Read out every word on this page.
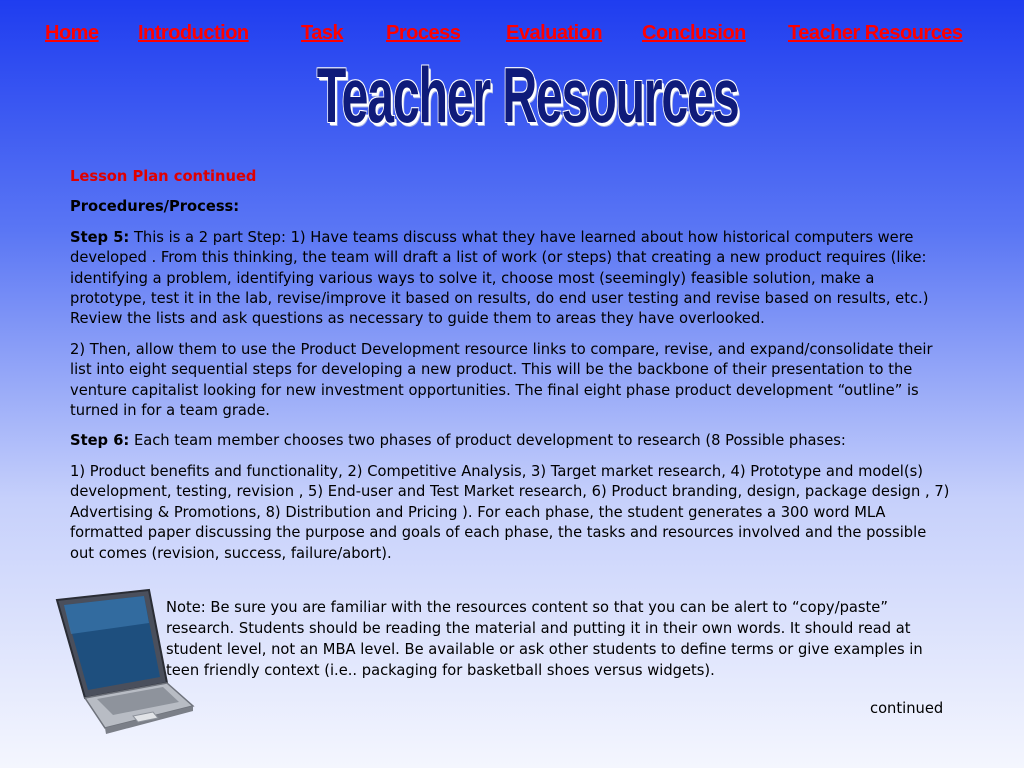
Home Introduction	Task Process Evaluation Conclusion Teacher Resources
Teacher Resources

Lesson Plan continued

Procedures/Process:

Step 5: This is a 2 part Step: 1) Have teams discuss what they have learned about how historical computers were developed . From this thinking, the team will draft a list of work (or steps) that creating a new product requires (like: identifying a problem, identifying various ways to solve it, choose most (seemingly) feasible solution, make a prototype, test it in the lab, revise/improve it based on results, do end user testing and revise based on results, etc.) Review the lists and ask questions as necessary to guide them to areas they have overlooked.

2) Then, allow them to use the Product Development resource links to compare, revise, and expand/consolidate their list into eight sequential steps for developing a new product. This will be the backbone of their presentation to the venture capitalist looking for new investment opportunities. The final eight phase product development “outline” is turned in for a team grade.

Step 6: Each team member chooses two phases of product development to research (8 Possible phases:

1) Product benefits and functionality, 2) Competitive Analysis, 3) Target market research, 4) Prototype and model(s) development, testing, revision , 5) End-user and Test Market research, 6) Product branding, design, package design , 7) Advertising & Promotions, 8) Distribution and Pricing ). For each phase, the student generates a 300 word MLA formatted paper discussing the purpose and goals of each phase, the tasks and resources involved and the possible out comes (revision, success, failure/abort).

Note: Be sure you are familiar with the resources content so that you can be alert to “copy/paste” research. Students should be reading the material and putting it in their own words. It should read at student level, not an MBA level. Be available or ask other students to define terms or give examples in teen friendly context (i.e.. packaging for basketball shoes versus widgets).
continued
